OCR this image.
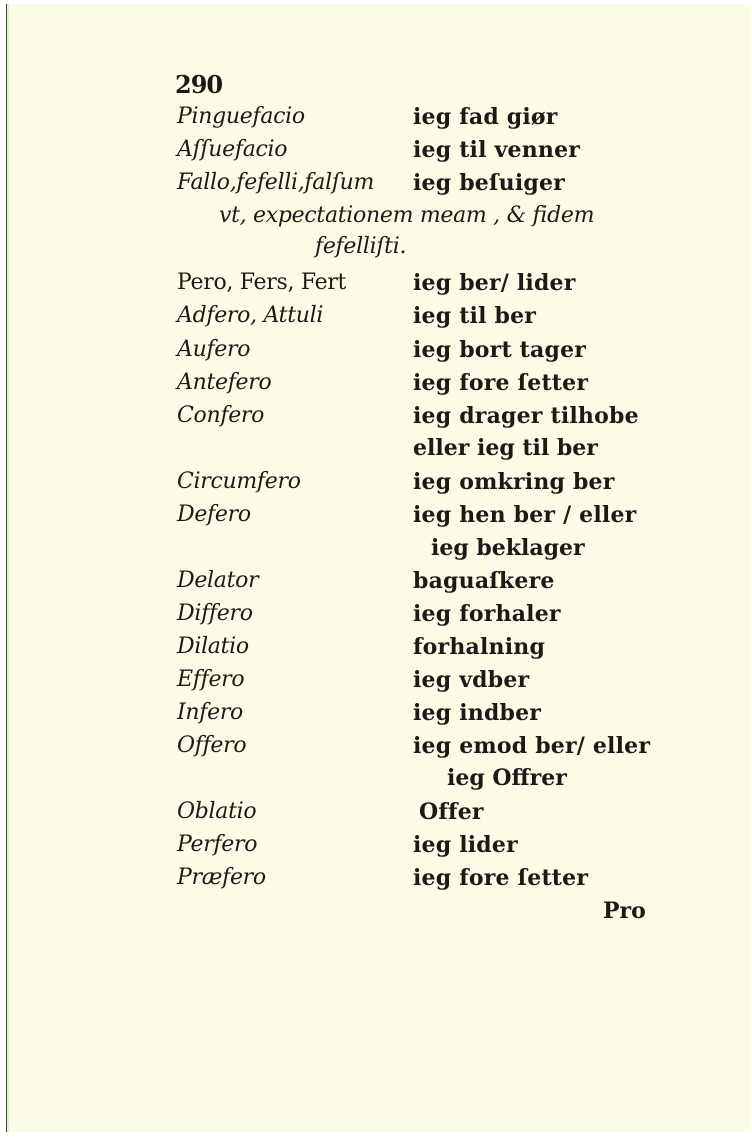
290
Pinguefacio	ieg fad giør
Aſſuefacio	ieg til venner
Fallo,fefelli,falſum ieg beſuiger
vt, expectationem meam , & fidem
fefelliſti.
Pero, Fers, Fert	ieg ber/ lider
Adfero, Attuli	ieg til ber
Aufero	ieg bort tager
Antefero	ieg fore ſetter
Confero	ieg drager tilhobe
eller ieg til ber
Circumfero	ieg omkring ber
Defero	ieg hen ber / eller
ieg beklager
Delator	baguaſkere
Differo	ieg forhaler
Dilatio	forhalning
Effero	ieg vdber
Infero	ieg indber
Offero	ieg emod ber/ eller
ieg Offrer
Oblatio	Offer
Perfero	ieg lider
Præfero	ieg fore ſetter
Pro
